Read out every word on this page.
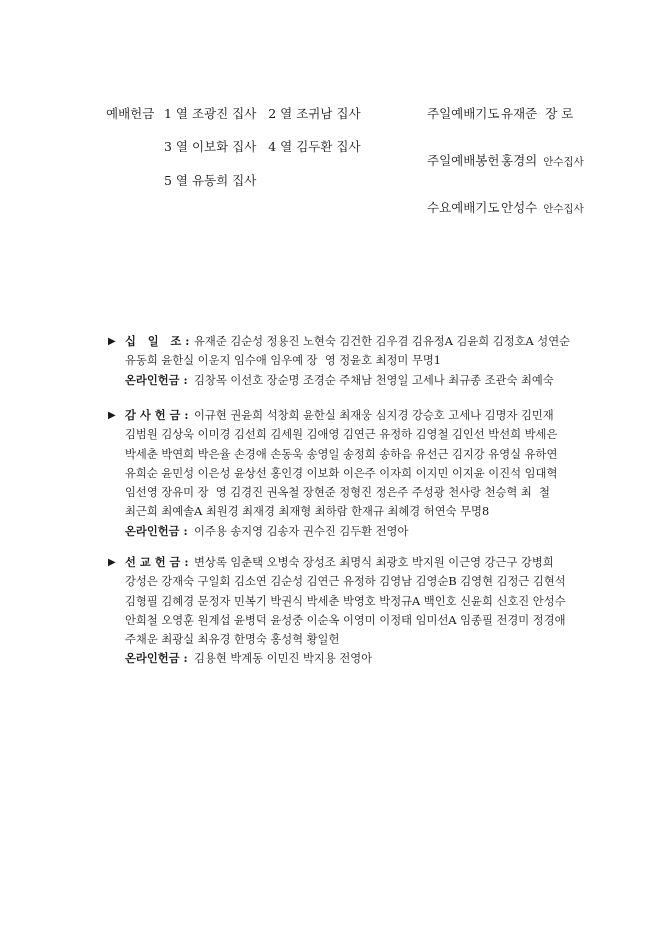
예배헌금 1 열 조광진 집사   2 열 조귀남 집사
3 열 이보화 집사   4 열 김두환 집사
5 열 유동희 집사
주일예배기도 유재준 장 로
주일예배봉헌 홍경의 안수집사
수요예배기도 안성수 안수집사
▶ 십   일   조 : 유재준 김순성 정용진 노현숙 김건한 김우겸 김유정A 김윤희 김정호A 성연순
유동희 윤한실 이운지 임수애 임우예 장  영 정윤호 최정미 무명1
온라인헌금 : 김창목 이선호 장순명 조경순 주채남 천영일 고세나 최규종 조관숙 최예숙
▶ 감 사 헌 금 : 이규현 권윤희 석창희 윤한실 최재웅 심지경 강승호 고세나 김명자 김민재
김범원 김상욱 이미경 김선희 김세원 김애영 김연근 유정하 김영철 김인선 박선희 박세은
박세춘 박연희 박은율 손경애 손동욱 송영일 송정희 송하음 유선근 김지강 유영실 유하연
유희순 윤민성 이은성 윤상선 홍인경 이보화 이은주 이자희 이지민 이지윤 이진석 임대혁
임선영 장유미 장  영 김경진 권옥철 장현준 정형진 정은주 주성광 천사랑 천승혁 최  철
최근희 최예솔A 최원경 최재경 최재형 최하람 한재규 최혜경 허연숙 무명8
온라인헌금 : 이주용 송지영 김송자 권수진 김두환 전영아
▶ 선 교 헌 금 : 변상록 임춘택 오병숙 장성조 최명식 최광호 박지원 이근영 강근구 강병희
강성은 강재숙 구일회 김소연 김순성 김연근 유정하 김영남 김영순B 김영현 김정근 김현석
김형필 김혜경 문정자 민복기 박권식 박세춘 박영호 박정규A 백인호 신윤희 신호진 안성수
안희철 오영훈 원계섭 윤병덕 윤성중 이순옥 이영미 이정태 임미선A 임종필 전경미 정경애
주채운 최광실 최유경 한명숙 홍성혁 황일헌
온라인헌금 : 김용현 박계동 이민진 박지용 전영아
